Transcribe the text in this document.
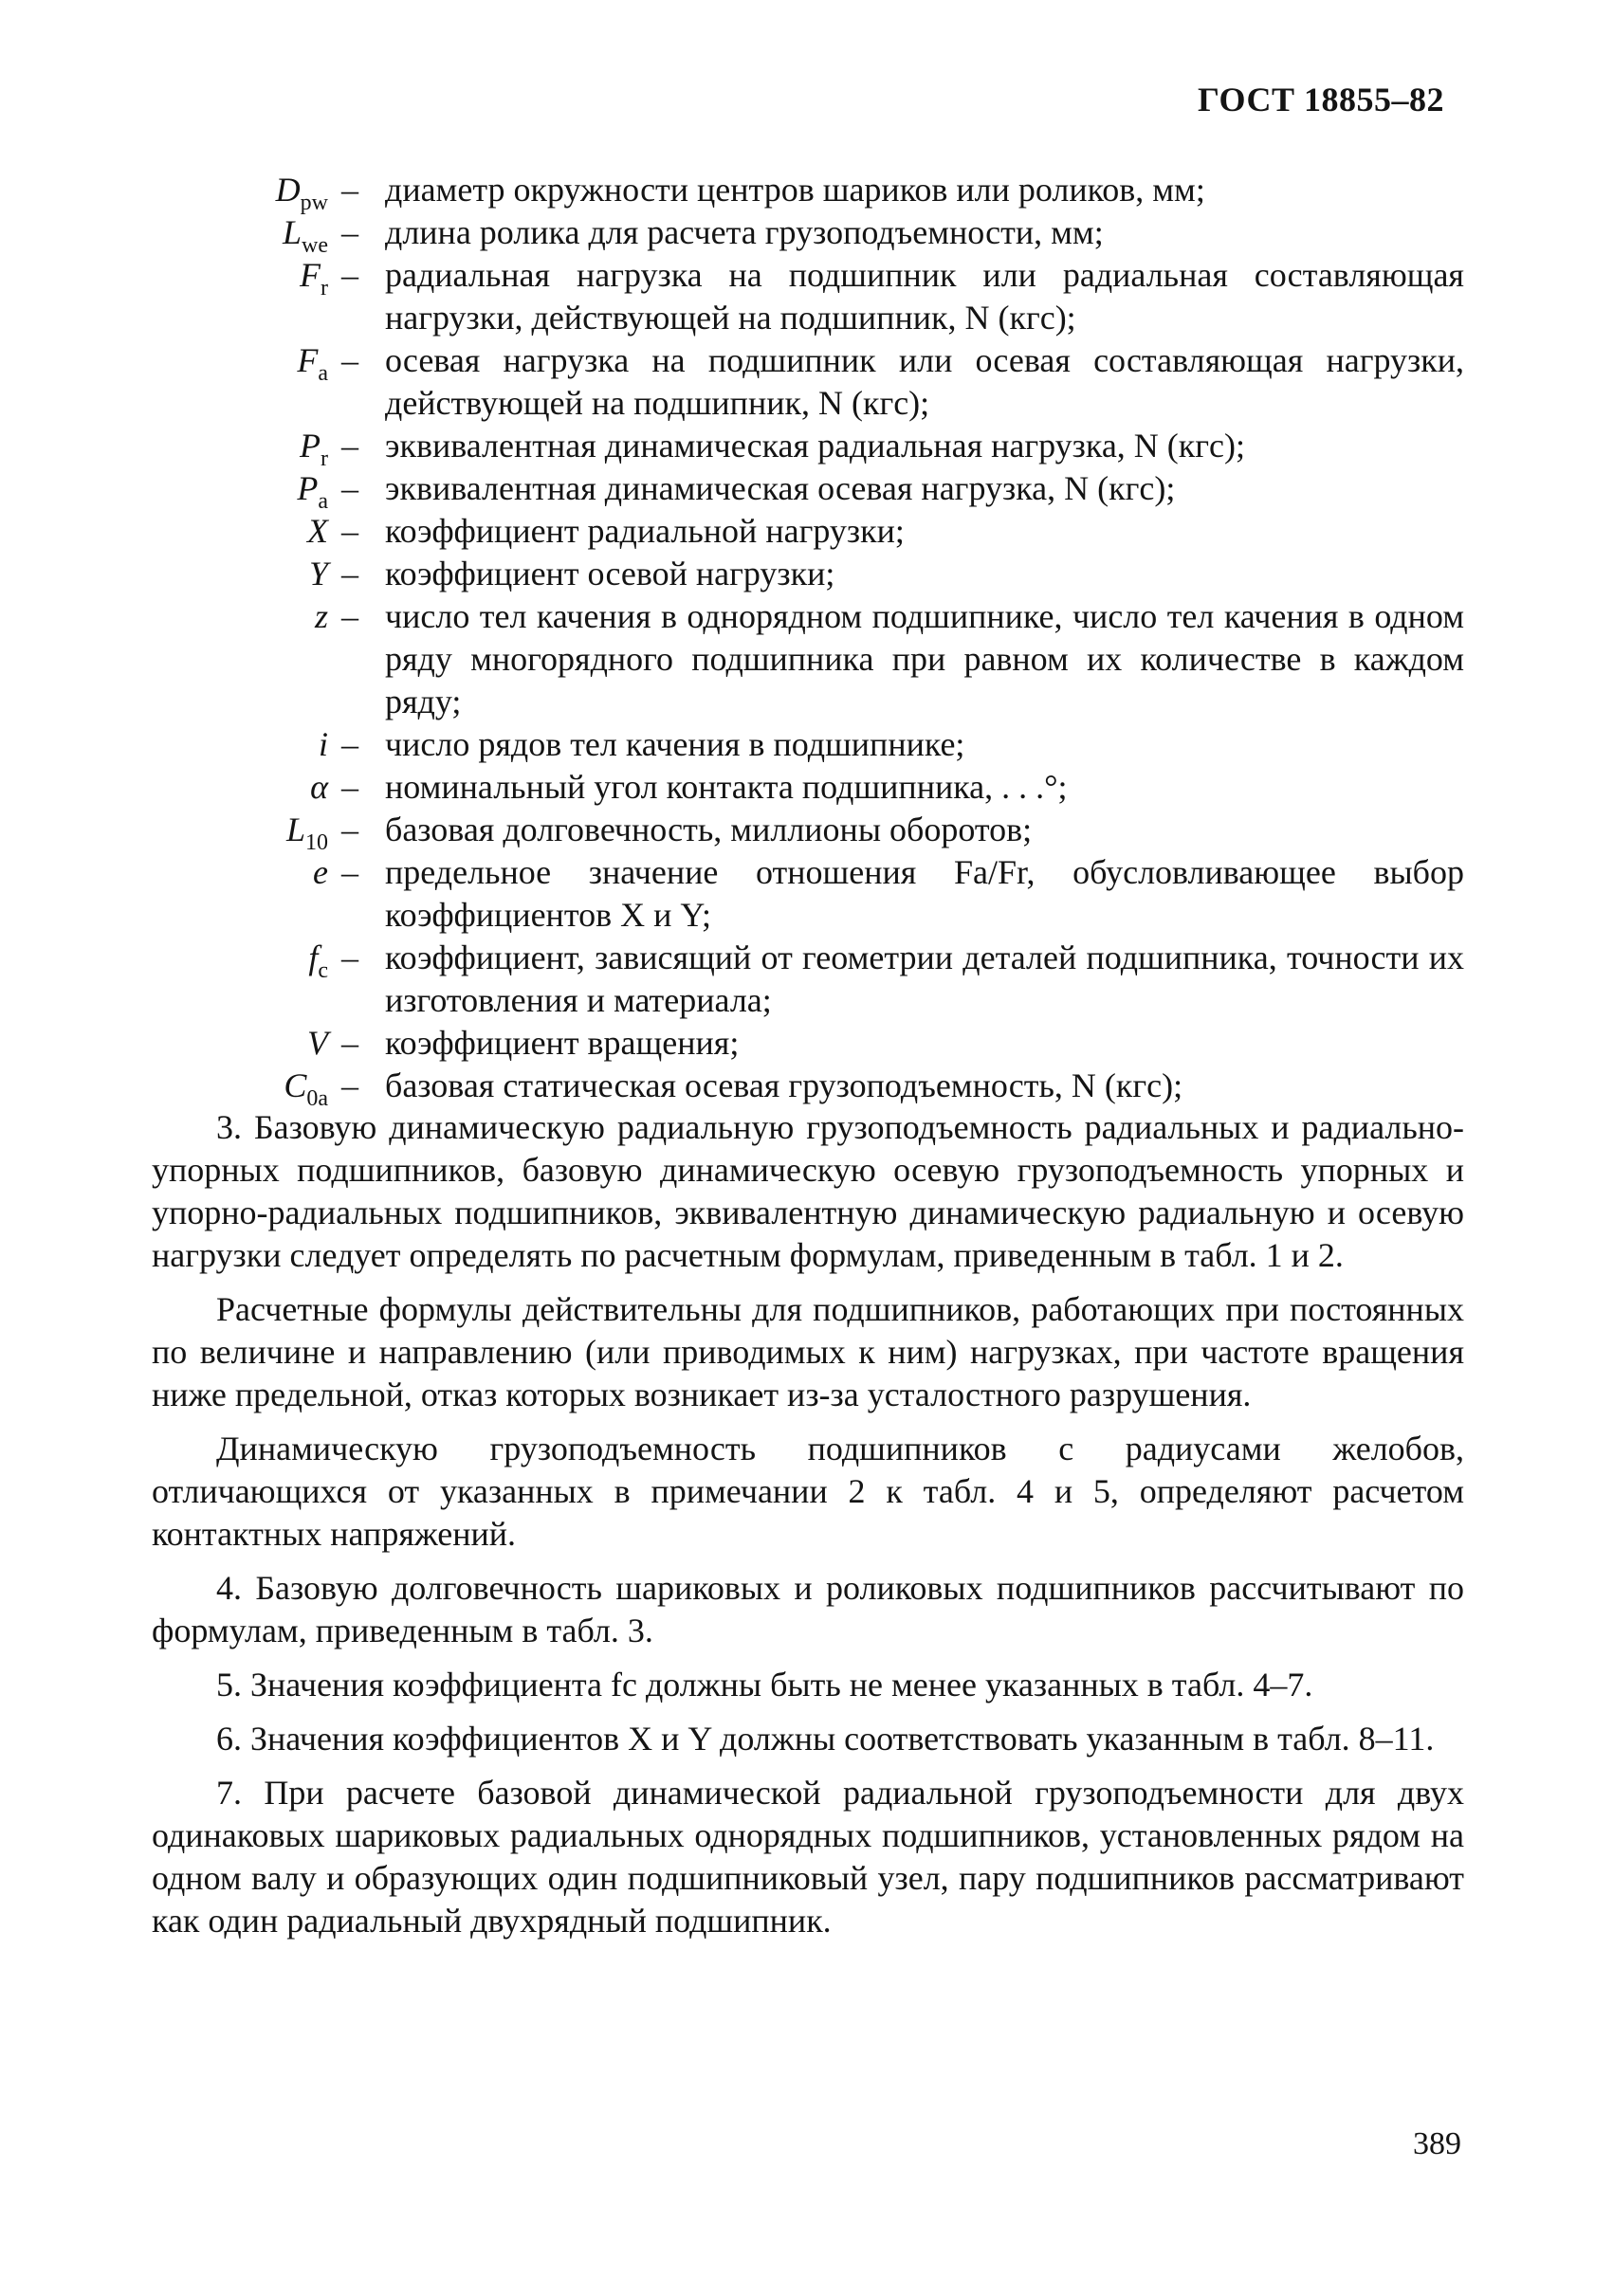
ГОСТ 18855–82
$D_{pw}$ – диаметр окружности центров шариков или роликов, мм;
$L_{we}$ – длина ролика для расчета грузоподъемности, мм;
$F_r$ – радиальная нагрузка на подшипник или радиальная составляющая нагрузки, действующей на подшипник, N (кгс);
$F_a$ – осевая нагрузка на подшипник или осевая составляющая нагрузки, действующей на подшипник, N (кгс);
$P_r$ – эквивалентная динамическая радиальная нагрузка, N (кгс);
$P_a$ – эквивалентная динамическая осевая нагрузка, N (кгс);
X – коэффициент радиальной нагрузки;
Y – коэффициент осевой нагрузки;
z – число тел качения в однорядном подшипнике, число тел качения в одном ряду многорядного подшипника при равном их количестве в каждом ряду;
i – число рядов тел качения в подшипнике;
α – номинальный угол контакта подшипника, . . .°;
$L_{10}$ – базовая долговечность, миллионы оборотов;
e – предельное значение отношения Fa/Fr, обусловливающее выбор коэффициентов X и Y;
$f_c$ – коэффициент, зависящий от геометрии деталей подшипника, точности их изготовления и материала;
V – коэффициент вращения;
$C_{0a}$ – базовая статическая осевая грузоподъемность, N (кгс);

3. Базовую динамическую радиальную грузоподъемность радиальных и радиально-упорных подшипников, базовую динамическую осевую грузоподъемность упорных и упорно-радиальных подшипников, эквивалентную динамическую радиальную и осевую нагрузки следует определять по расчетным формулам, приведенным в табл. 1 и 2.

Расчетные формулы действительны для подшипников, работающих при постоянных по величине и направлению (или приводимых к ним) нагрузках, при частоте вращения ниже предельной, отказ которых возникает из-за усталостного разрушения.

Динамическую грузоподъемность подшипников с радиусами желобов, отличающихся от указанных в примечании 2 к табл. 4 и 5, определяют расчетом контактных напряжений.

4. Базовую долговечность шариковых и роликовых подшипников рассчитывают по формулам, приведенным в табл. 3.

5. Значения коэффициента fc должны быть не менее указанных в табл. 4–7.

6. Значения коэффициентов X и Y должны соответствовать указанным в табл. 8–11.

7. При расчете базовой динамической радиальной грузоподъемности для двух одинаковых шариковых радиальных однорядных подшипников, установленных рядом на одном валу и образующих один подшипниковый узел, пару подшипников рассматривают как один радиальный двухрядный подшипник.

389
